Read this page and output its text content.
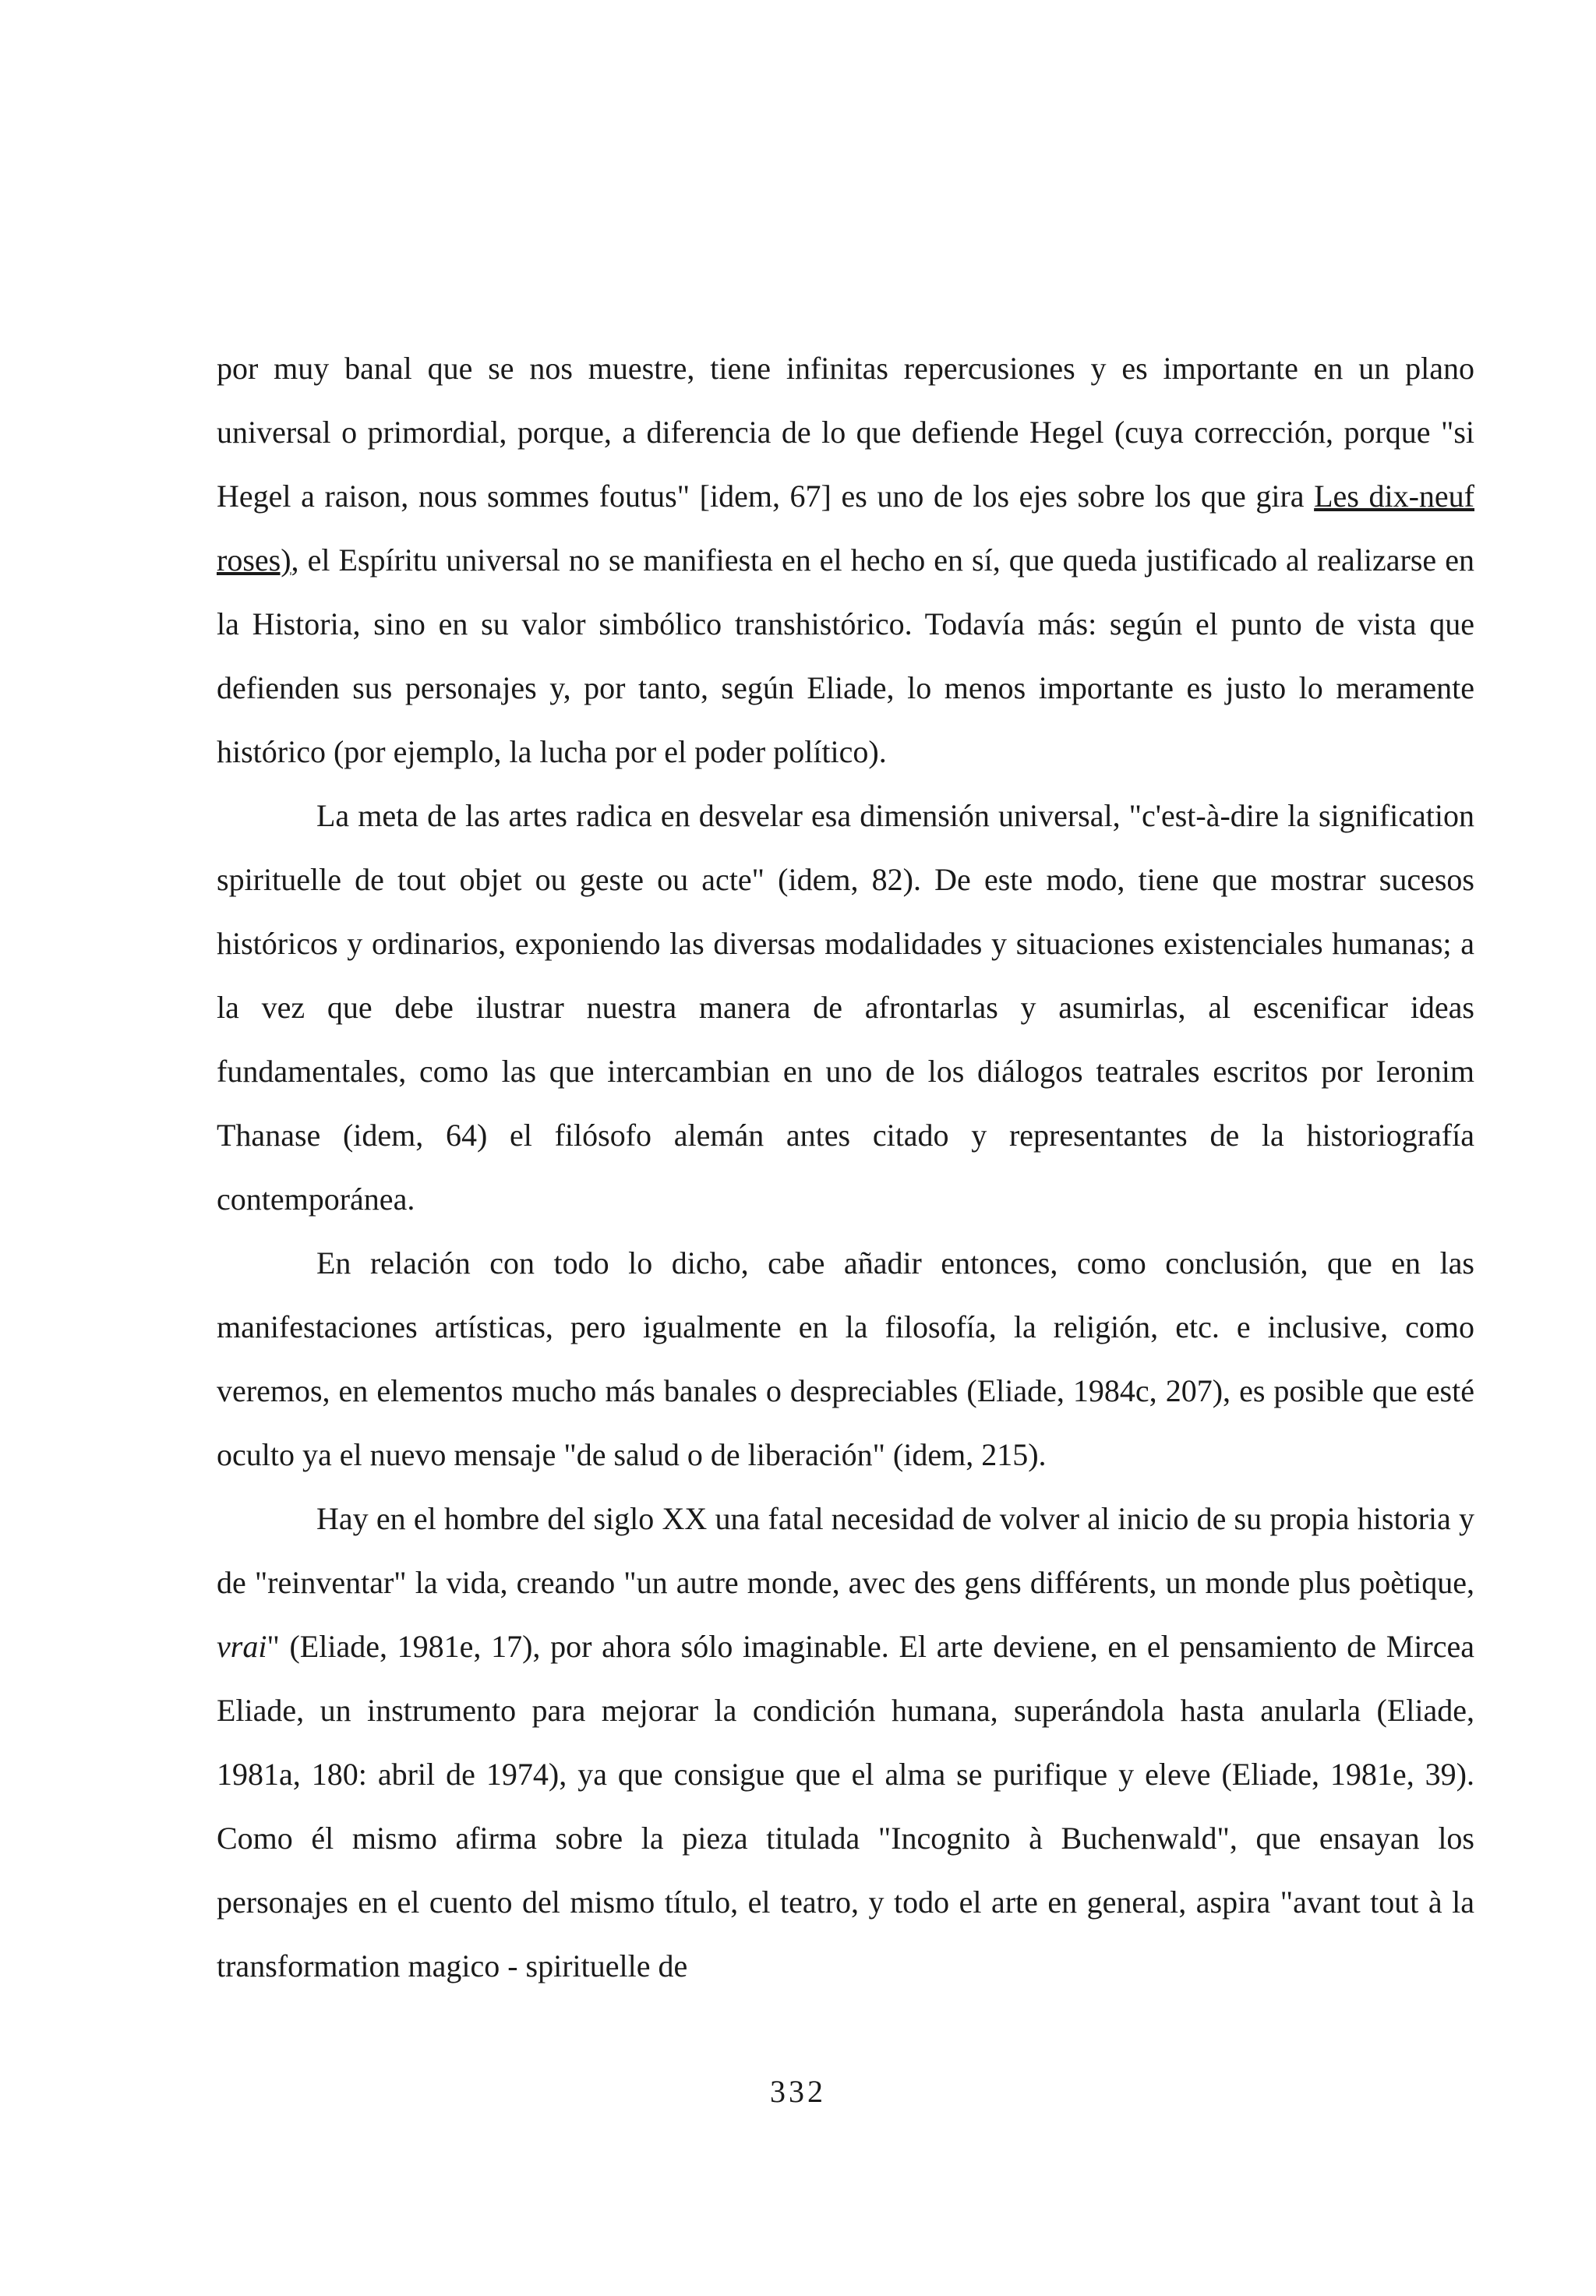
por muy banal que se nos muestre, tiene infinitas repercusiones y es importante en un plano universal o primordial, porque, a diferencia de lo que defiende Hegel (cuya corrección, porque "si Hegel a raison, nous sommes foutus" [idem, 67] es uno de los ejes sobre los que gira Les dix-neuf roses), el Espíritu universal no se manifiesta en el hecho en sí, que queda justificado al realizarse en la Historia, sino en su valor simbólico transhistórico. Todavía más: según el punto de vista que defienden sus personajes y, por tanto, según Eliade, lo menos importante es justo lo meramente histórico (por ejemplo, la lucha por el poder político).

La meta de las artes radica en desvelar esa dimensión universal, "c'est-à-dire la signification spirituelle de tout objet ou geste ou acte" (idem, 82). De este modo, tiene que mostrar sucesos históricos y ordinarios, exponiendo las diversas modalidades y situaciones existenciales humanas; a la vez que debe ilustrar nuestra manera de afrontarlas y asumirlas, al escenificar ideas fundamentales, como las que intercambian en uno de los diálogos teatrales escritos por Ieronim Thanase (idem, 64) el filósofo alemán antes citado y representantes de la historiografía contemporánea.

En relación con todo lo dicho, cabe añadir entonces, como conclusión, que en las manifestaciones artísticas, pero igualmente en la filosofía, la religión, etc. e inclusive, como veremos, en elementos mucho más banales o despreciables (Eliade, 1984c, 207), es posible que esté oculto ya el nuevo mensaje "de salud o de liberación" (idem, 215).

Hay en el hombre del siglo XX una fatal necesidad de volver al inicio de su propia historia y de "reinventar" la vida, creando "un autre monde, avec des gens différents, un monde plus poètique, vrai" (Eliade, 1981e, 17), por ahora sólo imaginable. El arte deviene, en el pensamiento de Mircea Eliade, un instrumento para mejorar la condición humana, superándola hasta anularla (Eliade, 1981a, 180: abril de 1974), ya que consigue que el alma se purifique y eleve (Eliade, 1981e, 39). Como él mismo afirma sobre la pieza titulada "Incognito à Buchenwald", que ensayan los personajes en el cuento del mismo título, el teatro, y todo el arte en general, aspira "avant tout à la transformation magico - spirituelle de

332
